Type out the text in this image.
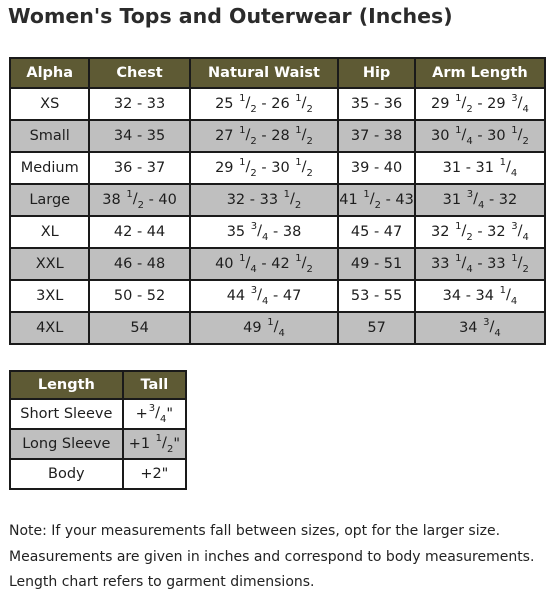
Women's Tops and Outerwear (Inches)
Alpha	Chest	Natural Waist	Hip	Arm Length
XS	32 - 33	25 $^1/_2 - 26$ $^1/_2$	35 - 36	29 $^1/_2 - 29$ $^3/_4$
Small	34 - 35	27 $^1/_2 - 28$ $^1/_2$	37 - 38	30 $^1/_4 - 30$ $^1/_2$
Medium	36 - 37	29 $^1/_2 - 30$ $^1/_2$	39 - 40	31 - 31 $^1/_4$
Large	38 $^1/_2 - 40$	32 - 33 $^1/_2$	41 $^1/_2 - 43$	31 $^3/_4 - 32$
XL	42 - 44	35 $^3/_4 - 38$	45 - 47	32 $^1/_2 - 32$ $^3/_4$
XXL	46 - 48	40 $^1/_4 - 42$ $^1/_2$	49 - 51	33 $^1/_4 - 33$ $^1/_2$
3XL	50 - 52	44 $^3/_4 - 47$	53 - 55	34 - 34 $^1/_4$
4XL	54	49 $^1/_4$	57	34 $^3/_4$
Length	Tall
Short Sleeve	$+^3/_4$"
Long Sleeve	+1 $^1/_2$"
Body	+2"
Note: If your measurements fall between sizes, opt for the larger size.
Measurements are given in inches and correspond to body measurements.
Length chart refers to garment dimensions.
